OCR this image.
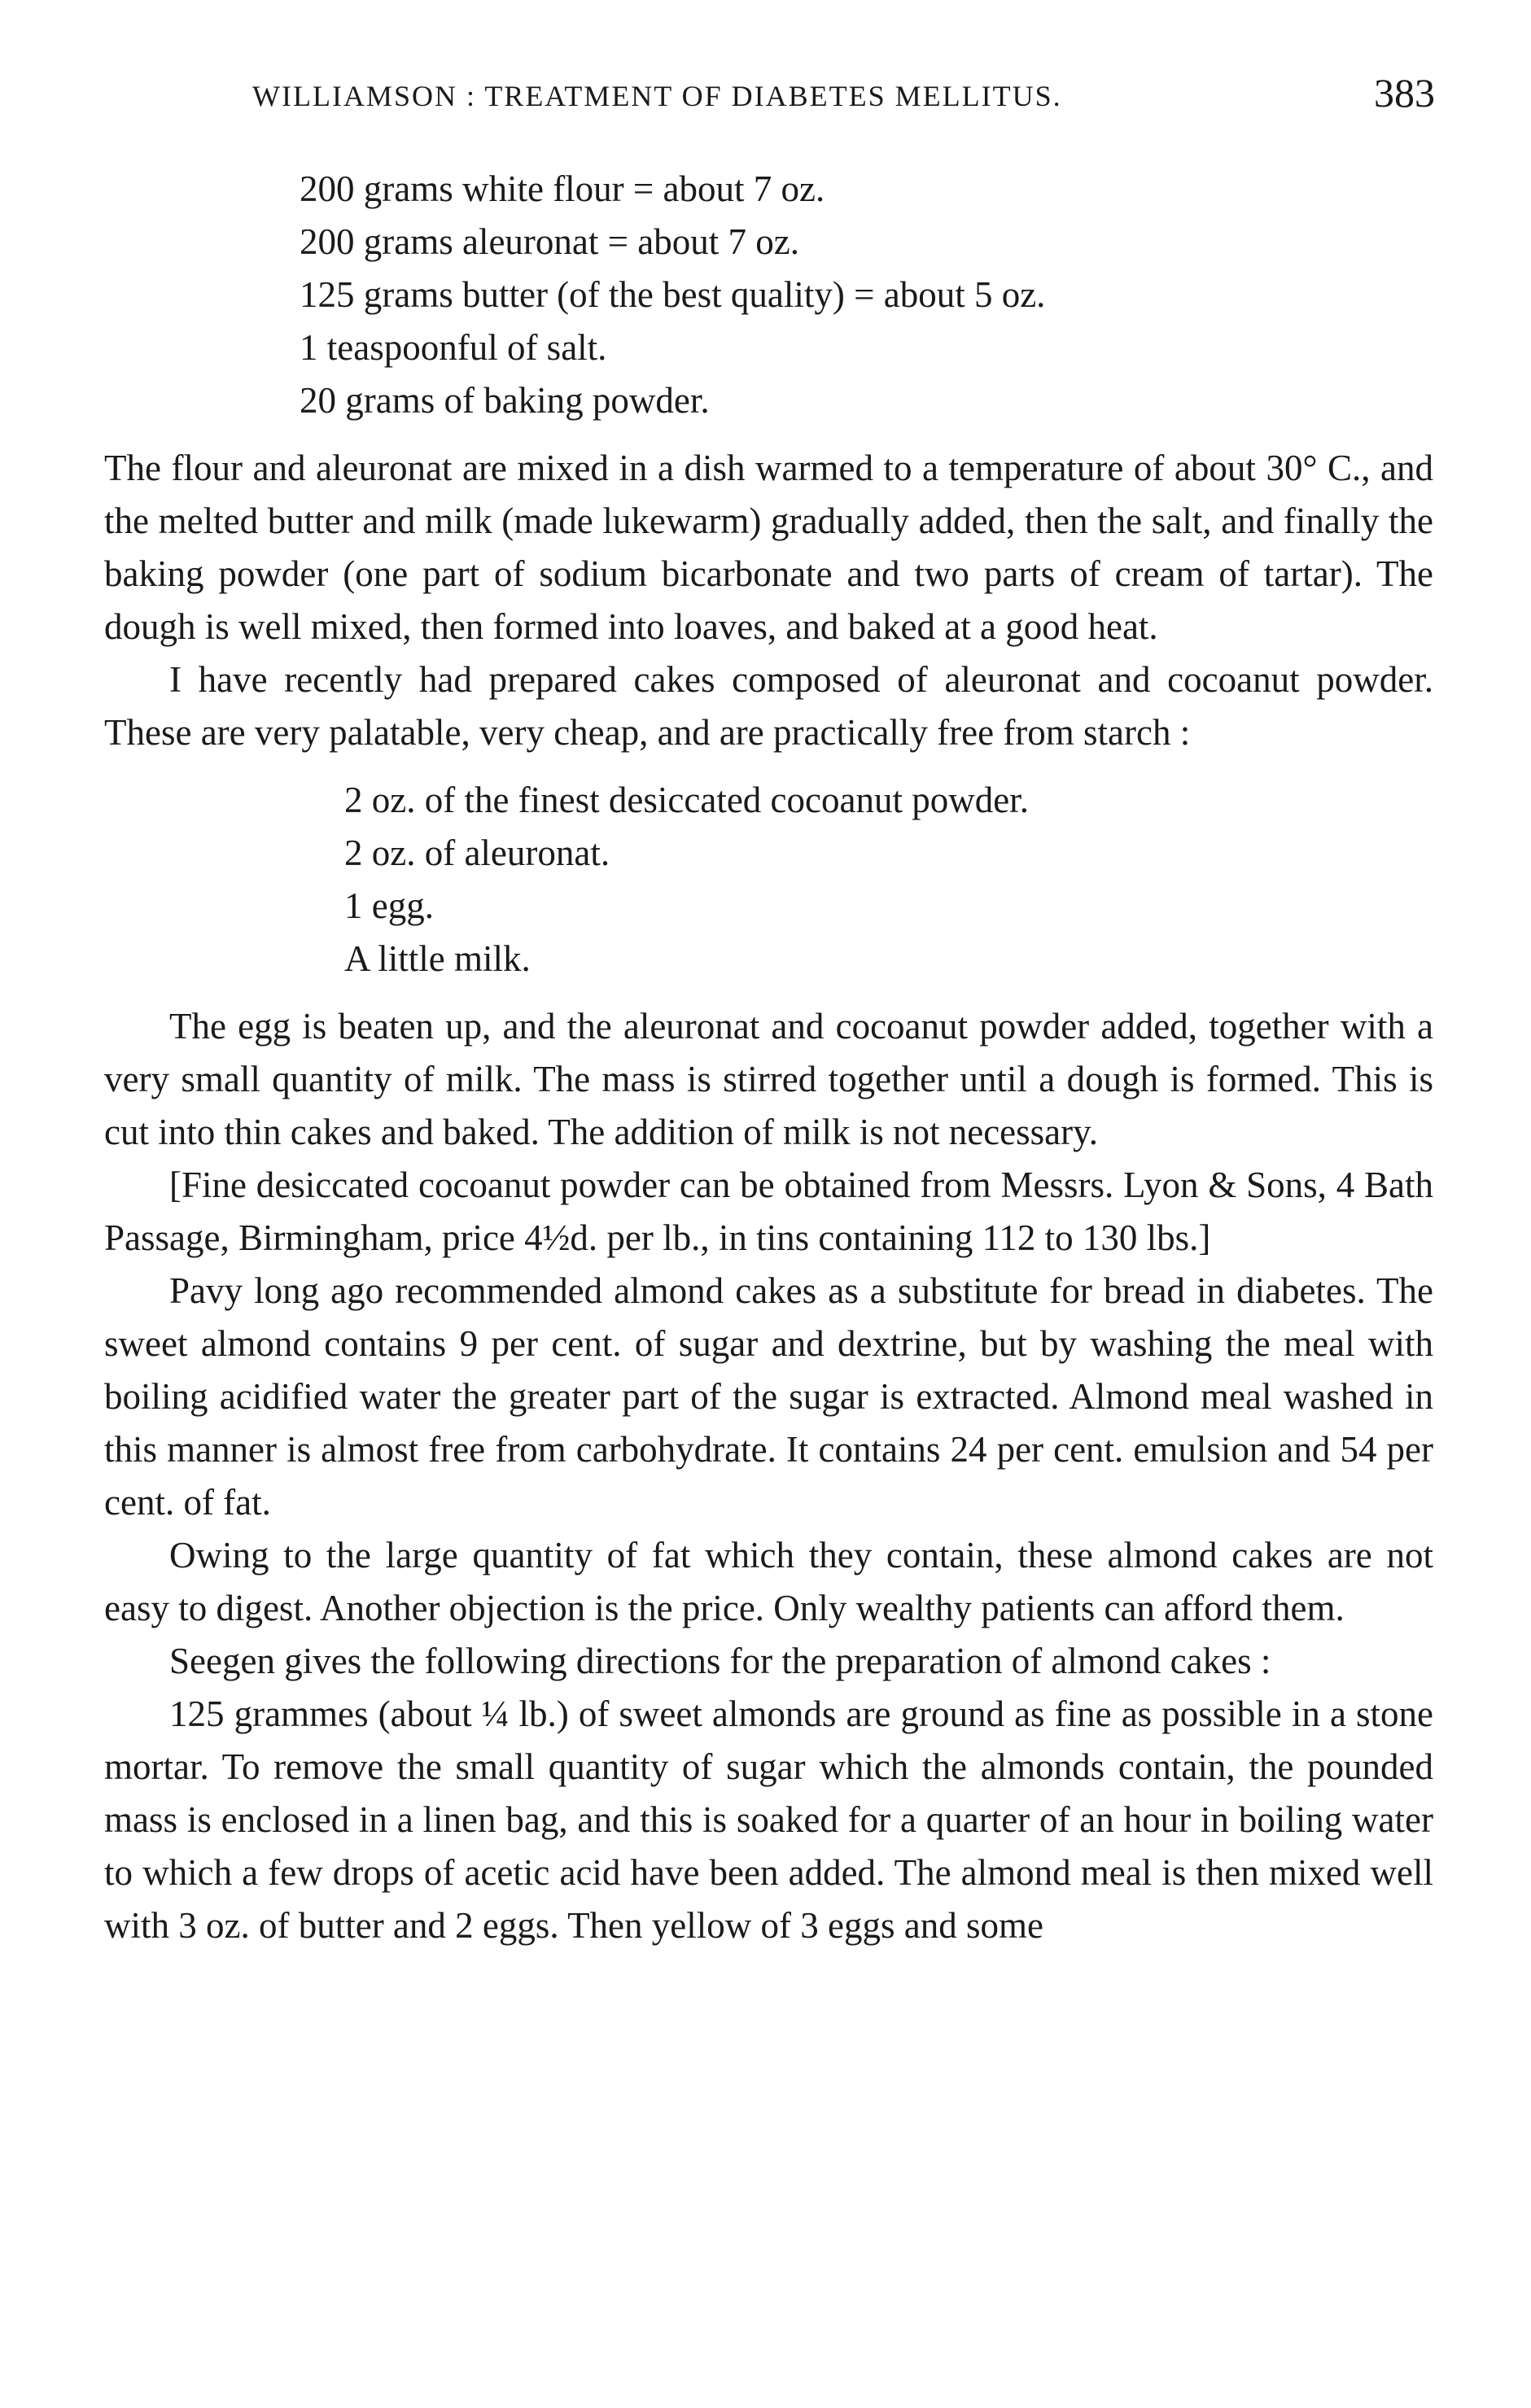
WILLIAMSON : TREATMENT OF DIABETES MELLITUS.	383
200 grams white flour = about 7 oz.
200 grams aleuronat = about 7 oz.
125 grams butter (of the best quality) = about 5 oz.
1 teaspoonful of salt.
20 grams of baking powder.

The flour and aleuronat are mixed in a dish warmed to a temperature of about 30° C., and the melted butter and milk (made lukewarm) gradually added, then the salt, and finally the baking powder (one part of sodium bicarbonate and two parts of cream of tartar). The dough is well mixed, then formed into loaves, and baked at a good heat.

I have recently had prepared cakes composed of aleuronat and cocoanut powder. These are very palatable, very cheap, and are practically free from starch :

2 oz. of the finest desiccated cocoanut powder.
2 oz. of aleuronat.
1 egg.
A little milk.

The egg is beaten up, and the aleuronat and cocoanut powder added, together with a very small quantity of milk. The mass is stirred together until a dough is formed. This is cut into thin cakes and baked. The addition of milk is not necessary.

[Fine desiccated cocoanut powder can be obtained from Messrs. Lyon & Sons, 4 Bath Passage, Birmingham, price 4½d. per lb., in tins containing 112 to 130 lbs.]

Pavy long ago recommended almond cakes as a substitute for bread in diabetes. The sweet almond contains 9 per cent. of sugar and dextrine, but by washing the meal with boiling acidified water the greater part of the sugar is extracted. Almond meal washed in this manner is almost free from carbohydrate. It contains 24 per cent. emulsion and 54 per cent. of fat.

Owing to the large quantity of fat which they contain, these almond cakes are not easy to digest. Another objection is the price. Only wealthy patients can afford them.

Seegen gives the following directions for the preparation of almond cakes :

125 grammes (about ¼ lb.) of sweet almonds are ground as fine as possible in a stone mortar. To remove the small quantity of sugar which the almonds contain, the pounded mass is enclosed in a linen bag, and this is soaked for a quarter of an hour in boiling water to which a few drops of acetic acid have been added. The almond meal is then mixed well with 3 oz. of butter and 2 eggs. Then yellow of 3 eggs and some
